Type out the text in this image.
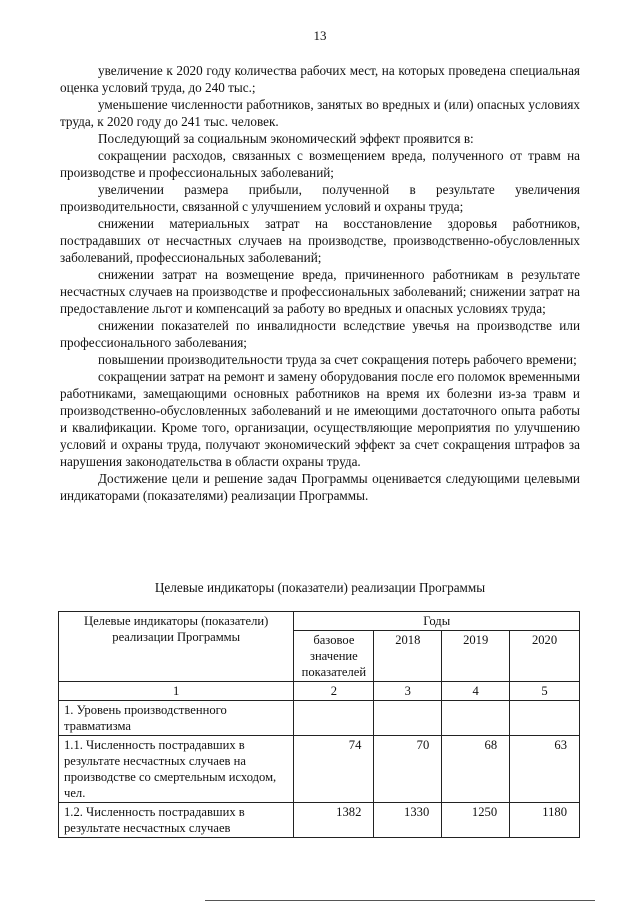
13

увеличение к 2020 году количества рабочих мест, на которых проведена специальная оценка условий труда, до 240 тыс.;

уменьшение численности работников, занятых во вредных и (или) опасных условиях труда, к 2020 году до 241 тыс. человек.

Последующий за социальным экономический эффект проявится в:

сокращении расходов, связанных с возмещением вреда, полученного от травм на производстве и профессиональных заболеваний;

увеличении размера прибыли, полученной в результате увеличения производительности, связанной с улучшением условий и охраны труда;

снижении материальных затрат на восстановление здоровья работников, пострадавших от несчастных случаев на производстве, производственно-обусловленных заболеваний, профессиональных заболеваний;

снижении затрат на возмещение вреда, причиненного работникам в результате несчастных случаев на производстве и профессиональных заболеваний; снижении затрат на предоставление льгот и компенсаций за работу во вредных и опасных условиях труда;

снижении показателей по инвалидности вследствие увечья на производстве или профессионального заболевания;

повышении производительности труда за счет сокращения потерь рабочего времени;

сокращении затрат на ремонт и замену оборудования после его поломок временными работниками, замещающими основных работников на время их болезни из-за травм и производственно-обусловленных заболеваний и не имеющими достаточного опыта работы и квалификации. Кроме того, организации, осуществляющие мероприятия по улучшению условий и охраны труда, получают экономический эффект за счет сокращения штрафов за нарушения законодательства в области охраны труда.

Достижение цели и решение задач Программы оценивается следующими целевыми индикаторами (показателями) реализации Программы.

Целевые индикаторы (показатели) реализации Программы
Целевые индикаторы (показатели) реализации Программы	Годы			
	базовое значение показателей	2018	2019	2020
1	2	3	4	5
1. Уровень производственного травматизма				
1.1. Численность пострадавших в результате несчастных случаев на производстве со смертельным исходом, чел.	74	70	68	63
1.2. Численность пострадавших в результате несчастных случаев	1382	1330	1250	1180
